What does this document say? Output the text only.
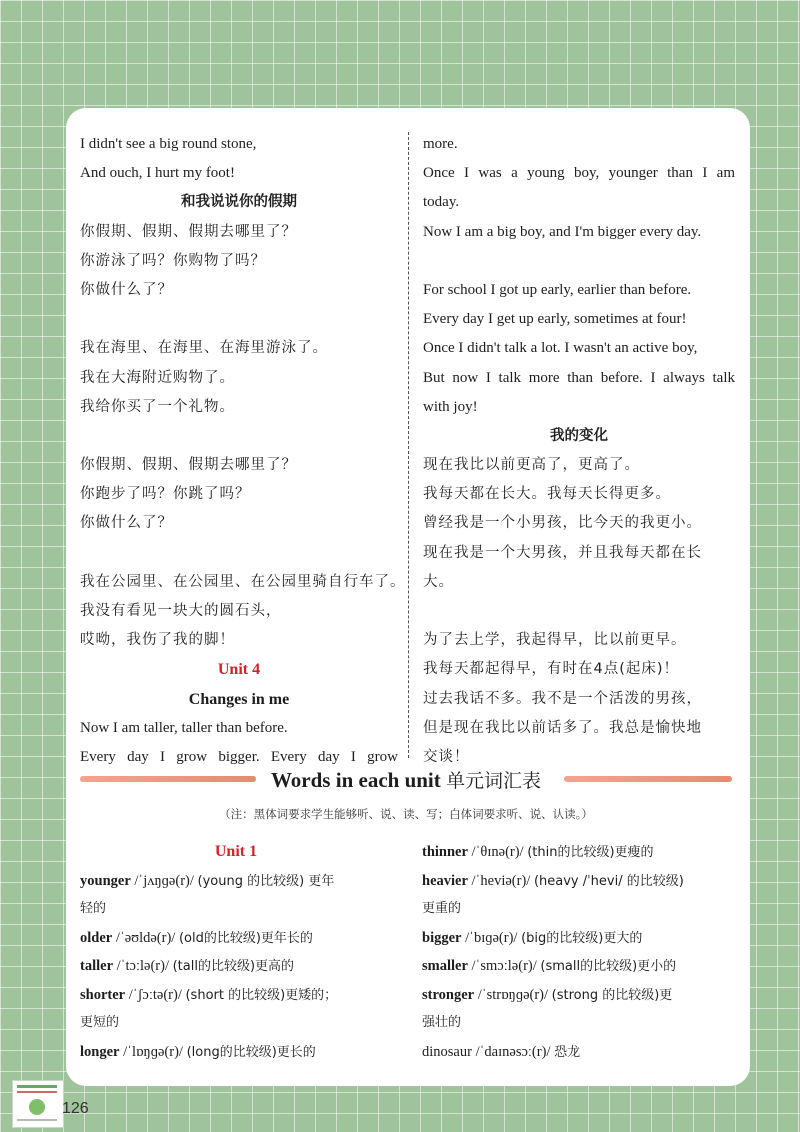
I didn't see a big round stone,
And ouch, I hurt my foot!
和我说说你的假期
你假期、假期、假期去哪里了？
你游泳了吗？你购物了吗？
你做什么了？
我在海里、在海里、在海里游泳了。
我在大海附近购物了。
我给你买了一个礼物。
你假期、假期、假期去哪里了？
你跑步了吗？你跳了吗？
你做什么了？
我在公园里、在公园里、在公园里骑自行车了。
我没有看见一块大的圆石头，
哎呦，我伤了我的脚！
Unit 4
Changes in me
Now I am taller, taller than before.
Every day I grow bigger. Every day I grow
more.
Once I was a young boy, younger than I am
today.
Now I am a big boy, and I'm bigger every day.
For school I got up early, earlier than before.
Every day I get up early, sometimes at four!
Once I didn't talk a lot. I wasn't an active boy,
But now I talk more than before. I always talk
with joy!
我的变化
现在我比以前更高了，更高了。
我每天都在长大。我每天长得更多。
曾经我是一个小男孩，比今天的我更小。
现在我是一个大男孩，并且我每天都在长
大。
为了去上学，我起得早，比以前更早。
我每天都起得早，有时在4点(起床)！
过去我话不多。我不是一个活泼的男孩，
但是现在我比以前话多了。我总是愉快地
交谈！
Words in each unit 单元词汇表
（注：黑体词要求学生能够听、说、读、写；白体词要求听、说、认读。）
Unit 1
younger /ˈjʌŋɡə(r)/ (young 的比较级) 更年
轻的
older /ˈəʊldə(r)/ (old的比较级)更年长的
taller /ˈtɔːlə(r)/ (tall的比较级)更高的
shorter /ˈʃɔːtə(r)/ (short 的比较级)更矮的；
更短的
longer /ˈlɒŋɡə(r)/ (long的比较级)更长的
thinner /ˈθɪnə(r)/ (thin的比较级)更瘦的
heavier /ˈheviə(r)/ (heavy /ˈhevi/ 的比较级)
更重的
bigger /ˈbɪɡə(r)/ (big的比较级)更大的
smaller /ˈsmɔːlə(r)/ (small的比较级)更小的
stronger /ˈstrɒŋɡə(r)/ (strong 的比较级)更
强壮的
dinosaur /ˈdaɪnəsɔː(r)/ 恐龙
126
